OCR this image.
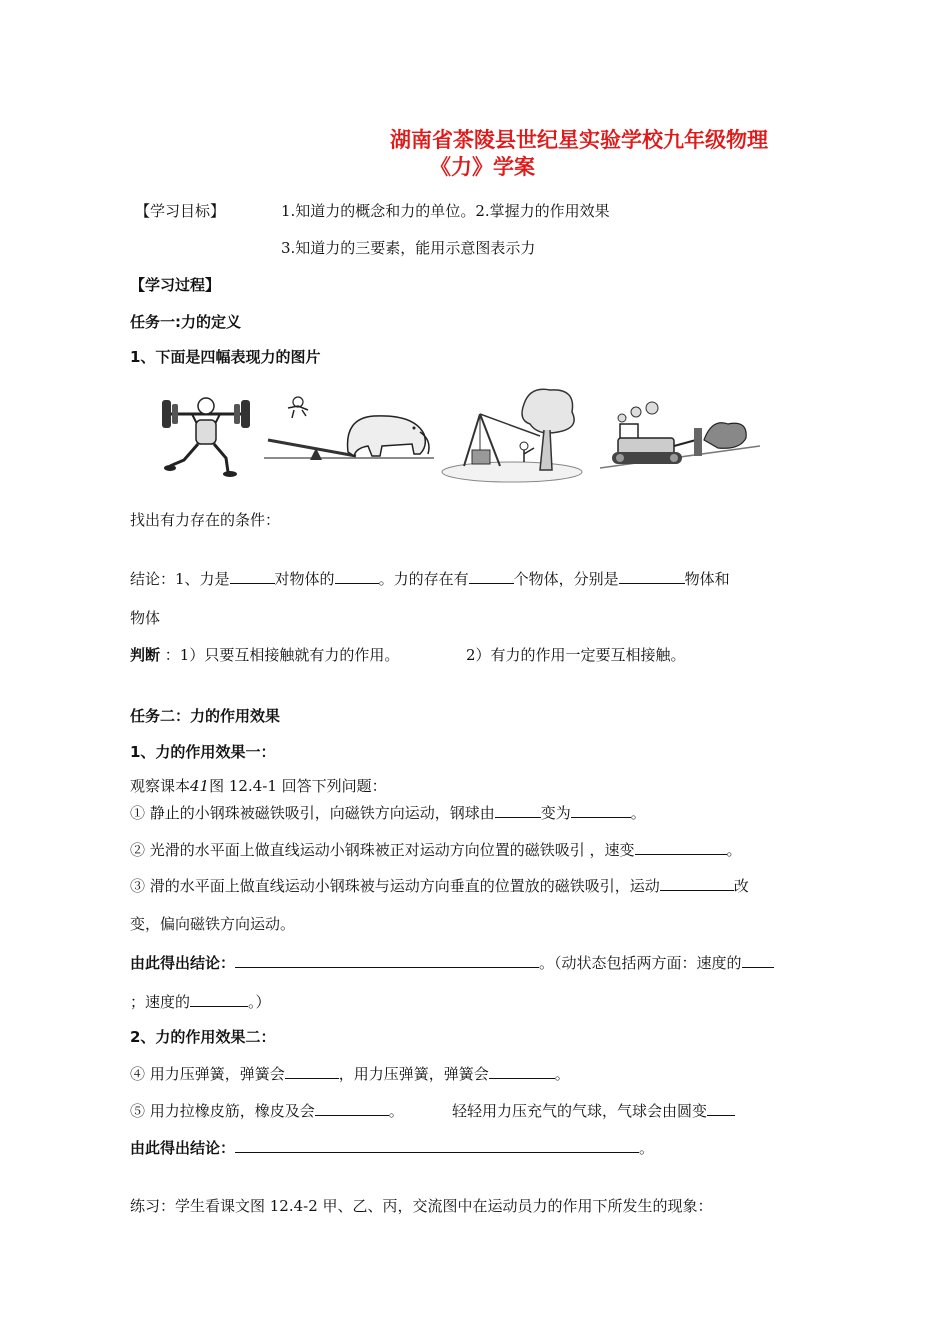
湖南省茶陵县世纪星实验学校九年级物理
《力》学案
【学习目标】	1.知道力的概念和力的单位。2.掌握力的作用效果
3.知道力的三要素，能用示意图表示力
【学习过程】
任务一:力的定义
1、下面是四幅表现力的图片
找出有力存在的条件：
结论：1、力是	对物体的	。力的存在有	个物体，分别是	物体和
物体
判断 ：1）只要互相接触就有力的作用。	2）有力的作用一定要互相接触。
任务二：力的作用效果
1、力的作用效果一：
观察课本41图 12.4-1 回答下列问题：
① 静止的小钢珠被磁铁吸引，向磁铁方向运动，钢球由	变为	。
② 光滑的水平面上做直线运动小钢珠被正对运动方向位置的磁铁吸引 ，速变	。
③ 滑的水平面上做直线运动小钢珠被与运动方向垂直的位置放的磁铁吸引，运动	改
变，偏向磁铁方向运动。
由此得出结论：	。（动状态包括两方面：速度的
；速度的	。）
2、力的作用效果二：
④ 用力压弹簧，弹簧会	，用力压弹簧，弹簧会	。
⑤ 用力拉橡皮筋，橡皮及会	。	轻轻用力压充气的气球，气球会由圆变
由此得出结论：	。
练习：学生看课文图 12.4-2 甲、乙、丙，交流图中在运动员力的作用下所发生的现象：
